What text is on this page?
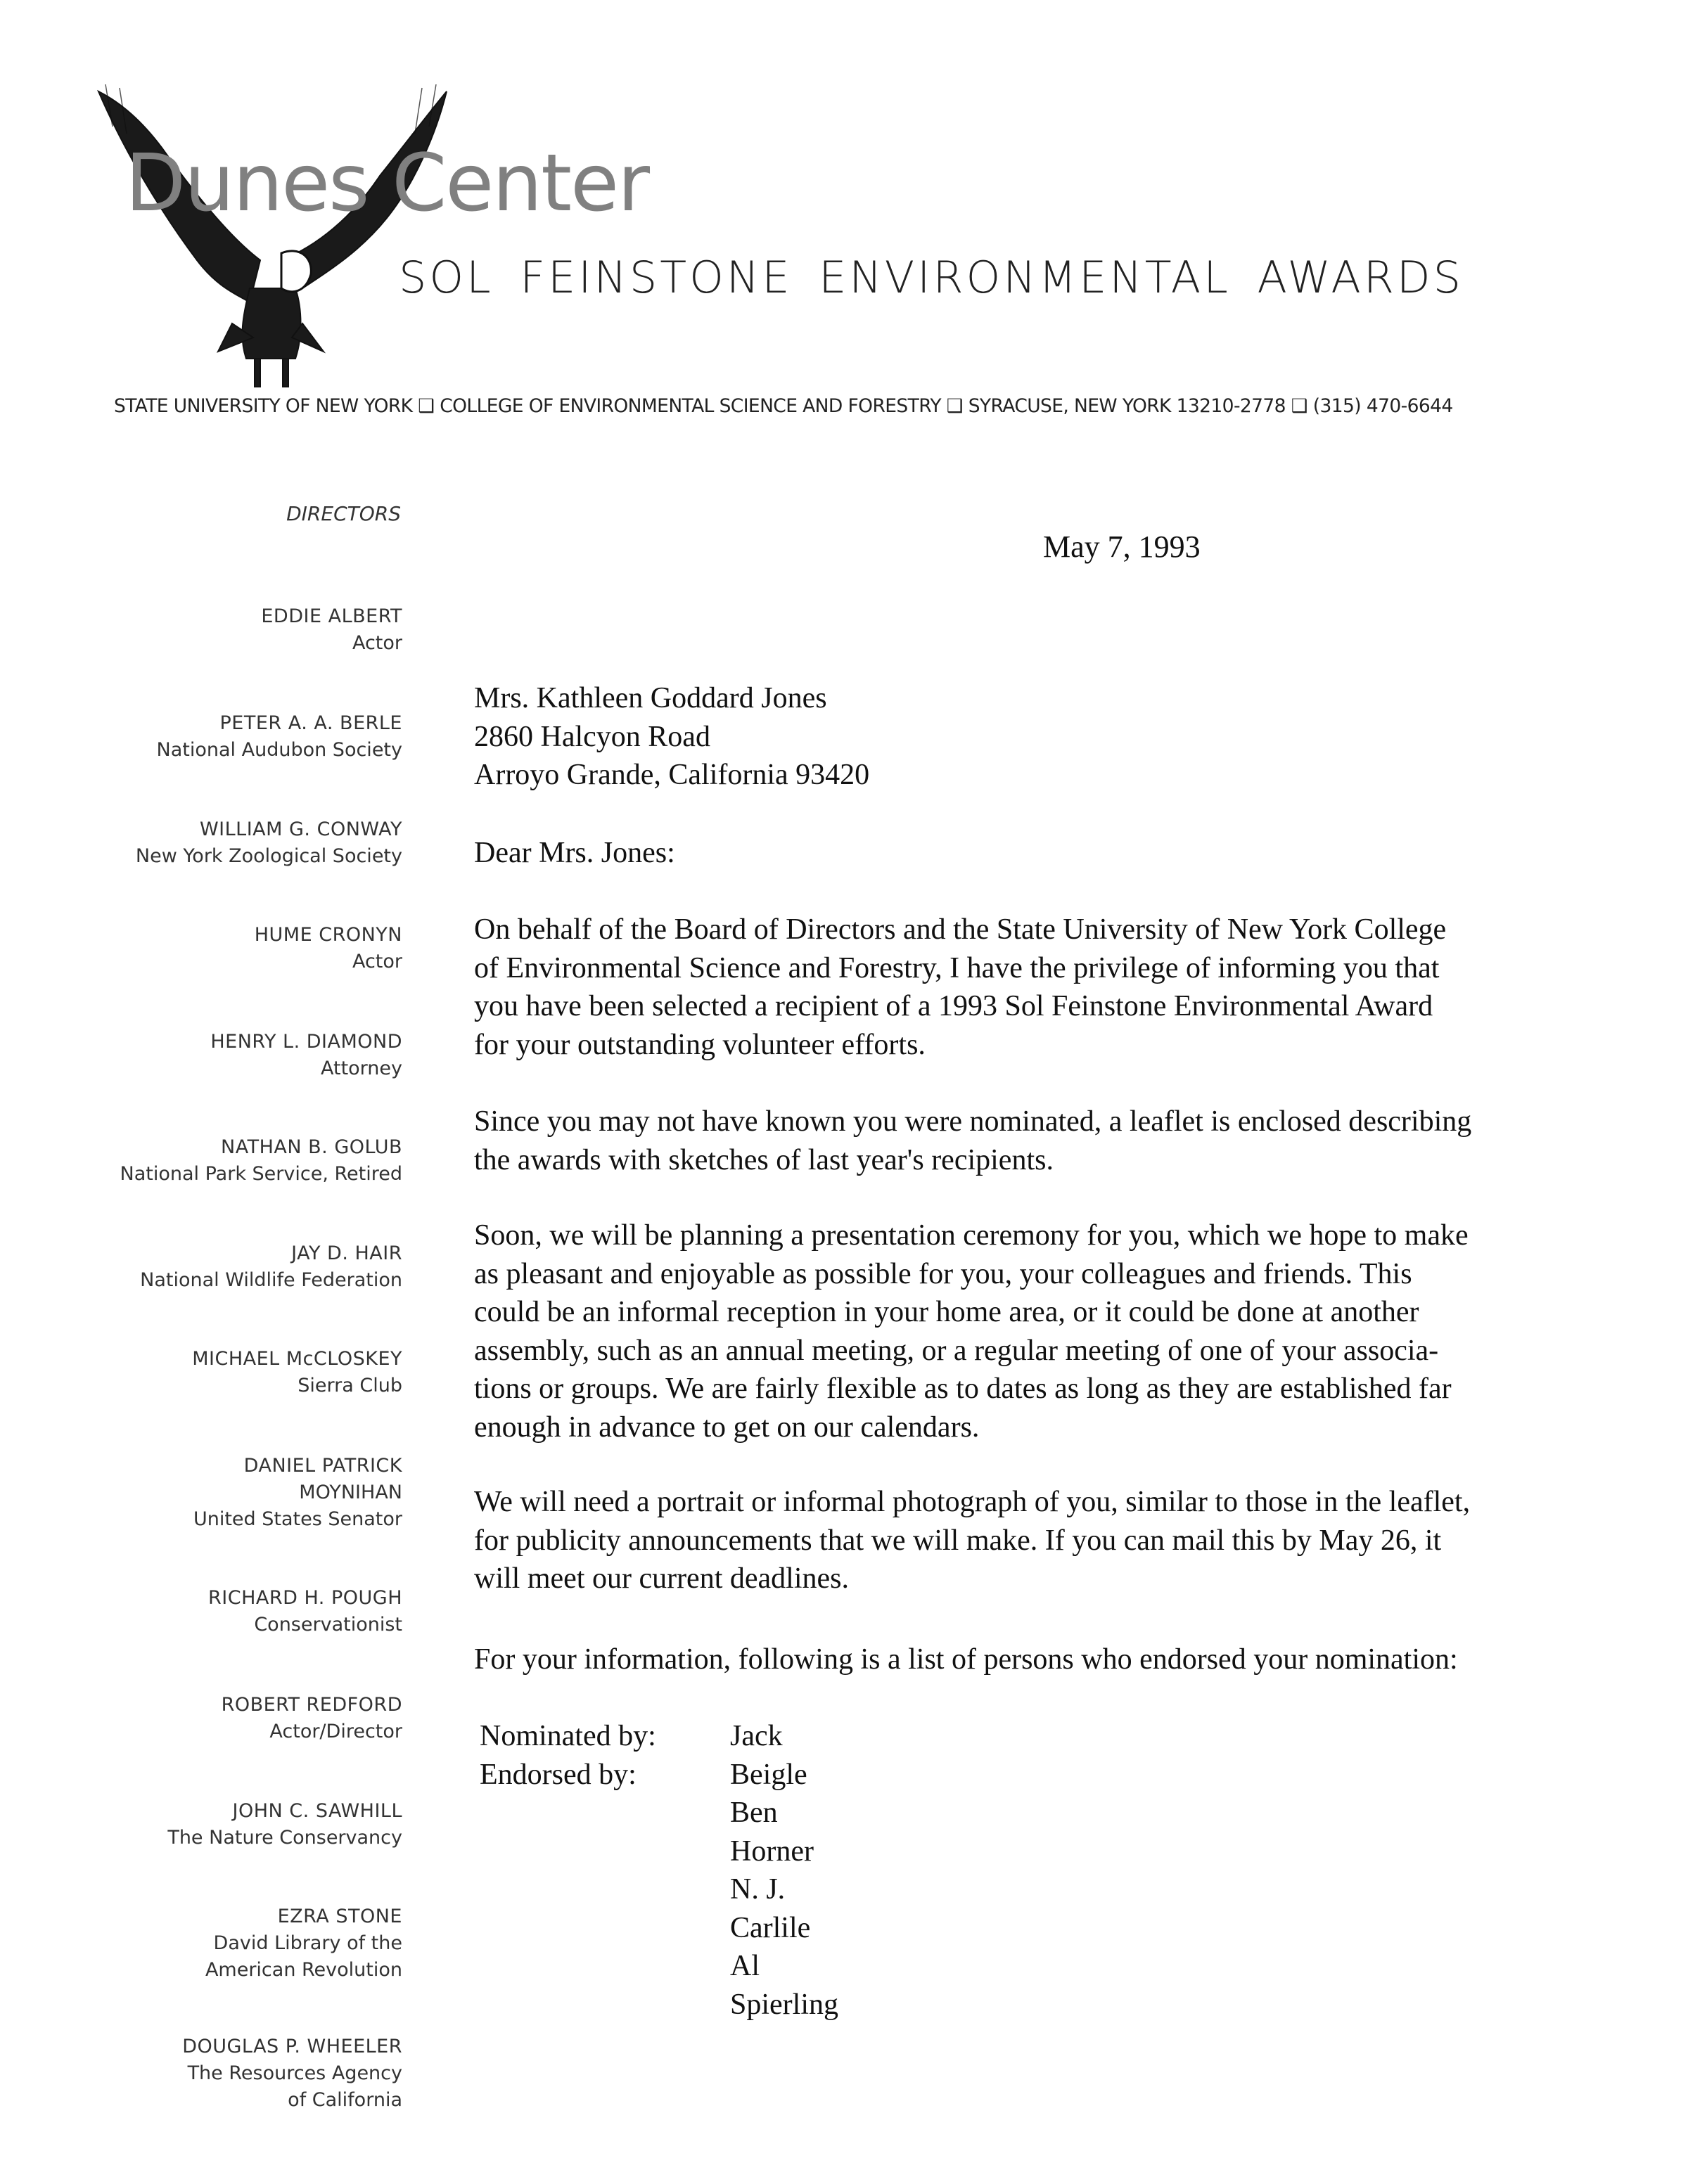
Dunes Center
SOL FEINSTONE ENVIRONMENTAL AWARDS
STATE UNIVERSITY OF NEW YORK ❑ COLLEGE OF ENVIRONMENTAL SCIENCE AND FORESTRY ❑ SYRACUSE, NEW YORK 13210-2778 ❑ (315) 470-6644
DIRECTORS
EDDIE ALBERT
Actor
PETER A. A. BERLE
National Audubon Society
WILLIAM G. CONWAY
New York Zoological Society
HUME CRONYN
Actor
HENRY L. DIAMOND
Attorney
NATHAN B. GOLUB
National Park Service, Retired
JAY D. HAIR
National Wildlife Federation
MICHAEL McCLOSKEY
Sierra Club
DANIEL PATRICK
MOYNIHAN
United States Senator
RICHARD H. POUGH
Conservationist
ROBERT REDFORD
Actor/Director
JOHN C. SAWHILL
The Nature Conservancy
EZRA STONE
David Library of the
American Revolution
DOUGLAS P. WHEELER
The Resources Agency
of California
May 7, 1993
Mrs. Kathleen Goddard Jones
2860 Halcyon Road
Arroyo Grande, California 93420
Dear Mrs. Jones:
On behalf of the Board of Directors and the State University of New York College
of Environmental Science and Forestry, I have the privilege of informing you that
you have been selected a recipient of a 1993 Sol Feinstone Environmental Award
for your outstanding volunteer efforts.
Since you may not have known you were nominated, a leaflet is enclosed describing
the awards with sketches of last year's recipients.
Soon, we will be planning a presentation ceremony for you, which we hope to make
as pleasant and enjoyable as possible for you, your colleagues and friends. This
could be an informal reception in your home area, or it could be done at another
assembly, such as an annual meeting, or a regular meeting of one of your associa-
tions or groups. We are fairly flexible as to dates as long as they are established far
enough in advance to get on our calendars.
We will need a portrait or informal photograph of you, similar to those in the leaflet,
for publicity announcements that we will make. If you can mail this by May 26, it
will meet our current deadlines.
For your information, following is a list of persons who endorsed your nomination:
Nominated by:
Endorsed by:
Jack Beigle
Ben Horner
N. J. Carlile
Al Spierling
